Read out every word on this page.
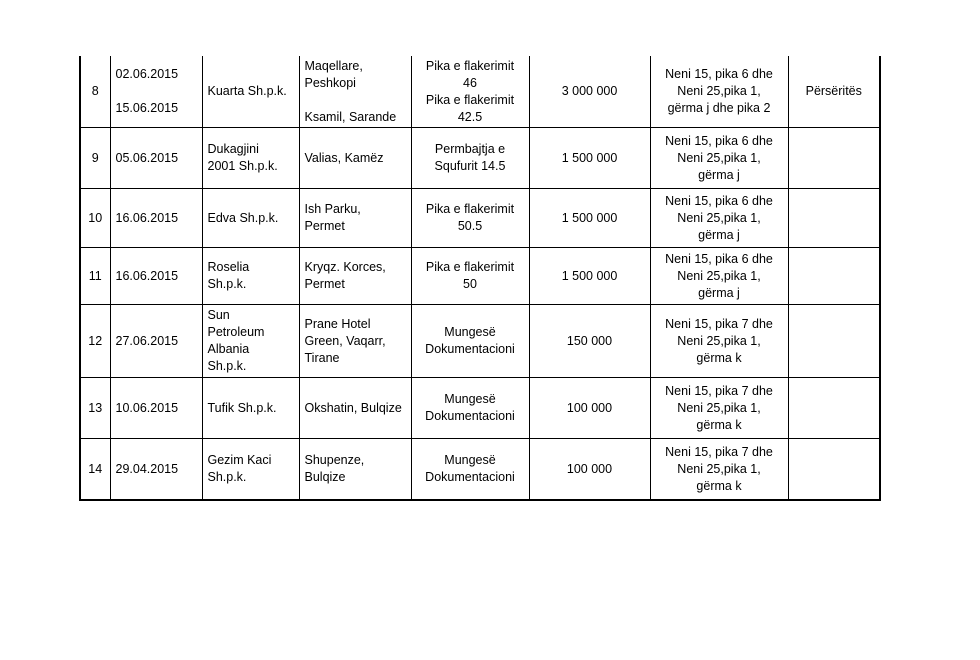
8	02.06.2015
15.06.2015	Kuarta Sh.p.k.	Maqellare,
Peshkopi
Ksamil, Sarande	Pika e flakerimit
46
Pika e flakerimit
42.5	3 000 000	Neni 15, pika 6 dhe
Neni 25,pika 1,
gërma j dhe pika 2	Përsëritës
9	05.06.2015	Dukagjini
2001 Sh.p.k.	Valias, Kamëz	Permbajtja e
Squfurit 14.5	1 500 000	Neni 15, pika 6 dhe
Neni 25,pika 1,
gërma j	

10	16.06.2015	Edva Sh.p.k.	Ish Parku,
Permet	Pika e flakerimit
50.5	1 500 000	Neni 15, pika 6 dhe
Neni 25,pika 1,
gërma j	

11	16.06.2015	Roselia
Sh.p.k.	Kryqz. Korces,
Permet	Pika e flakerimit
50	1 500 000	Neni 15, pika 6 dhe
Neni 25,pika 1,
gërma j	

12	27.06.2015	Sun
Petroleum
Albania
Sh.p.k.	Prane Hotel
Green, Vaqarr,
Tirane	Mungesë
Dokumentacioni	150 000	Neni 15, pika 7 dhe
Neni 25,pika 1,
gërma k	

13	10.06.2015	Tufik Sh.p.k.	Okshatin, Bulqize	Mungesë
Dokumentacioni	100 000	Neni 15, pika 7 dhe
Neni 25,pika 1,
gërma k	

14	29.04.2015	Gezim Kaci
Sh.p.k.	Shupenze,
Bulqize	Mungesë
Dokumentacioni	100 000	Neni 15, pika 7 dhe
Neni 25,pika 1,
gërma k	
